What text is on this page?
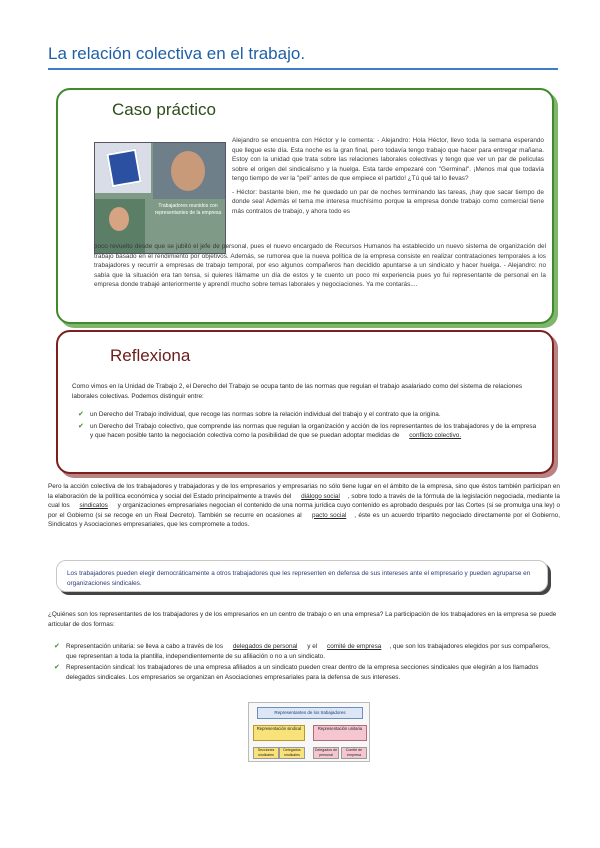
La relación colectiva en el trabajo.
Caso práctico
Trabajadores reunidos con representantes de la empresa

Alejandro se encuentra con Héctor y le comenta: - Alejandro: Hola Héctor, llevo toda la semana esperando que llegue este día. Esta noche es la gran final, pero todavía tengo trabajo que hacer para entregar mañana. Estoy con la unidad que trata sobre las relaciones laborales colectivas y tengo que ver un par de películas sobre el origen del sindicalismo y la huelga. Esta tarde empezaré con "Germinal". ¡Menos mal que todavía tengo tiempo de ver la "peli" antes de que empiece el partido! ¿Tú qué tal lo llevas?

- Héctor: bastante bien, me he quedado un par de noches terminando las tareas, ¡hay que sacar tiempo de donde sea! Además el tema me interesa muchísimo porque la empresa donde trabajo como comercial tiene más contratos de trabajo, y ahora todo es

poco revuelto desde que se jubiló el jefe de personal, pues el nuevo encargado de Recursos Humanos ha establecido un nuevo sistema de organización del trabajo basado en el rendimiento por objetivos. Además, se rumorea que la nueva política de la empresa consiste en realizar contrataciones temporales a los trabajadores y recurrir a empresas de trabajo temporal, por eso algunos compañeros han decidido apuntarse a un sindicato y hacer huelga. - Alejandro: no sabía que la situación era tan tensa, si quieres llámame un día de estos y te cuento un poco mi experiencia pues yo fui representante de personal en la empresa donde trabajé anteriormente y aprendí mucho sobre temas laborales y negociaciones. Ya me contarás....
Reflexiona
Como vimos en la Unidad de Trabajo 2, el Derecho del Trabajo se ocupa tanto de las normas que regulan el trabajo asalariado como del sistema de relaciones laborales colectivas. Podemos distinguir entre:
✔ un Derecho del Trabajo individual, que recoge las normas sobre la relación individual del trabajo y el contrato que la origina.
✔ un Derecho del Trabajo colectivo, que comprende las normas que regulan la organización y acción de los representantes de los trabajadores y de la empresa y que hacen posible tanto la negociación colectiva como la posibilidad de que se puedan adoptar medidas de conflicto colectivo.
Pero la acción colectiva de los trabajadores y trabajadoras y de los empresarios y empresarias no sólo tiene lugar en el ámbito de la empresa, sino que éstos también participan en la elaboración de la política económica y social del Estado principalmente a través del diálogo social , sobre todo a través de la fórmula de la legislación negociada, mediante la cual los sindicatos y organizaciones empresariales negocian el contenido de una norma jurídica cuyo contenido es aprobado después por las Cortes (si se promulga una ley) o por el Gobierno (si se recoge en un Real Decreto). También se recurre en ocasiones al pacto social , éste es un acuerdo tripartito negociado directamente por el Gobierno, Sindicatos y Asociaciones empresariales, que les compromete a todos.
Los trabajadores pueden elegir democráticamente a otros trabajadores que les representen en defensa de sus intereses ante el empresario y pueden agruparse en organizaciones sindicales.
¿Quiénes son los representantes de los trabajadores y de los empresarios en un centro de trabajo o en una empresa? La participación de los trabajadores en la empresa se puede articular de dos formas:
✔ Representación unitaria: se lleva a cabo a través de los delegados de personal y el comité de empresa , que son los trabajadores elegidos por sus compañeros, que representan a toda la plantilla, independientemente de su afiliación o no a un sindicato.
✔ Representación sindical: los trabajadores de una empresa afiliados a un sindicato pueden crear dentro de la empresa secciones sindicales que elegirán a los llamados delegados sindicales. Los empresarios se organizan en Asociaciones empresariales para la defensa de sus intereses.
Representantes de los trabajadores
Representación sindical	Representación unitaria
Secciones sindicales
Delegados sindicales
Delegados de personal
Comité de empresa
